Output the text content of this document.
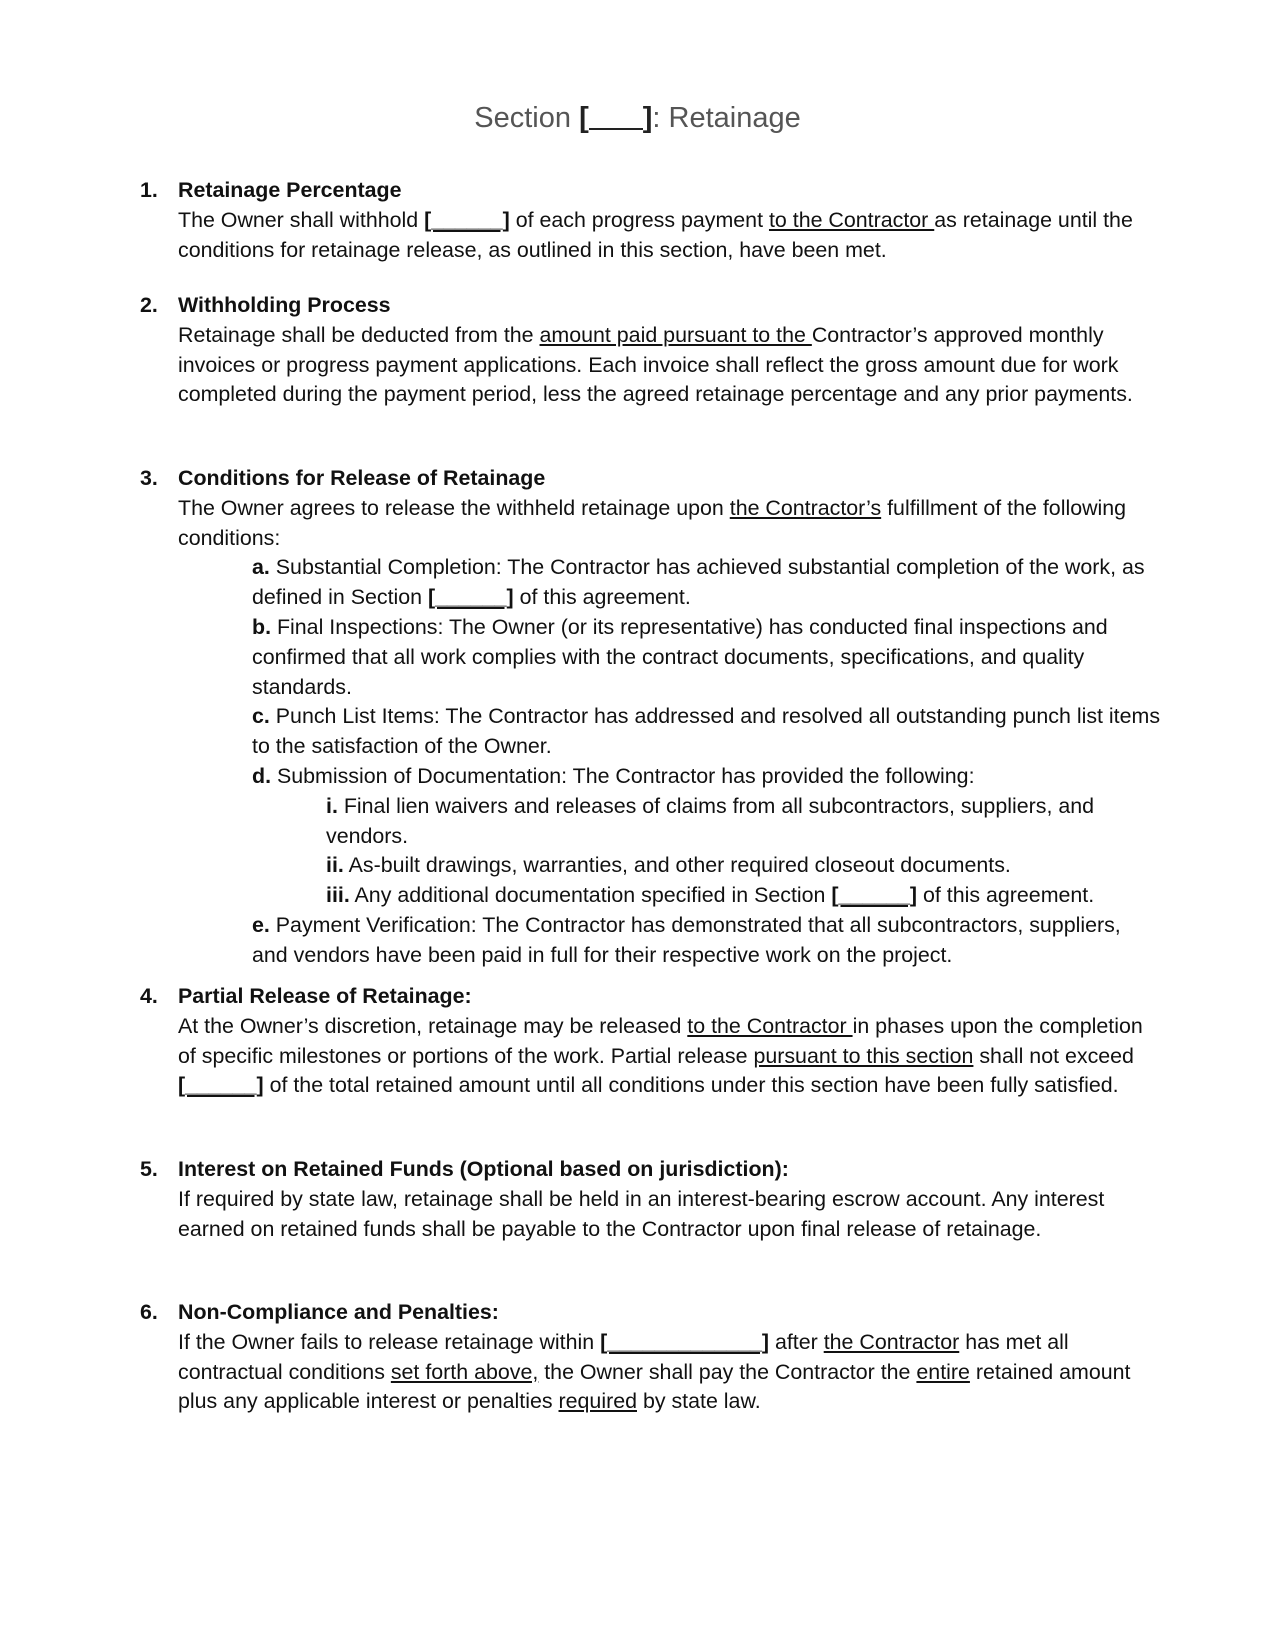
Section [ ]: Retainage
1. Retainage Percentage
The Owner shall withhold [______] of each progress payment to the Contractor as retainage until the conditions for retainage release, as outlined in this section, have been met.
2. Withholding Process
Retainage shall be deducted from the amount paid pursuant to the Contractor’s approved monthly invoices or progress payment applications. Each invoice shall reflect the gross amount due for work completed during the payment period, less the agreed retainage percentage and any prior payments.
3. Conditions for Release of Retainage
The Owner agrees to release the withheld retainage upon the Contractor’s fulfillment of the following conditions:
a. Substantial Completion: The Contractor has achieved substantial completion of the work, as defined in Section [______] of this agreement.
b. Final Inspections: The Owner (or its representative) has conducted final inspections and confirmed that all work complies with the contract documents, specifications, and quality standards.
c. Punch List Items: The Contractor has addressed and resolved all outstanding punch list items to the satisfaction of the Owner.
d. Submission of Documentation: The Contractor has provided the following:
i. Final lien waivers and releases of claims from all subcontractors, suppliers, and vendors.
ii. As-built drawings, warranties, and other required closeout documents.
iii. Any additional documentation specified in Section [______] of this agreement.
e. Payment Verification: The Contractor has demonstrated that all subcontractors, suppliers, and vendors have been paid in full for their respective work on the project.
4. Partial Release of Retainage:
At the Owner’s discretion, retainage may be released to the Contractor in phases upon the completion of specific milestones or portions of the work. Partial release pursuant to this section shall not exceed [______] of the total retained amount until all conditions under this section have been fully satisfied.
5. Interest on Retained Funds (Optional based on jurisdiction):
If required by state law, retainage shall be held in an interest-bearing escrow account. Any interest earned on retained funds shall be payable to the Contractor upon final release of retainage.
6. Non-Compliance and Penalties:
If the Owner fails to release retainage within [_____________] after the Contractor has met all contractual conditions set forth above, the Owner shall pay the Contractor the entire retained amount plus any applicable interest or penalties required by state law.
